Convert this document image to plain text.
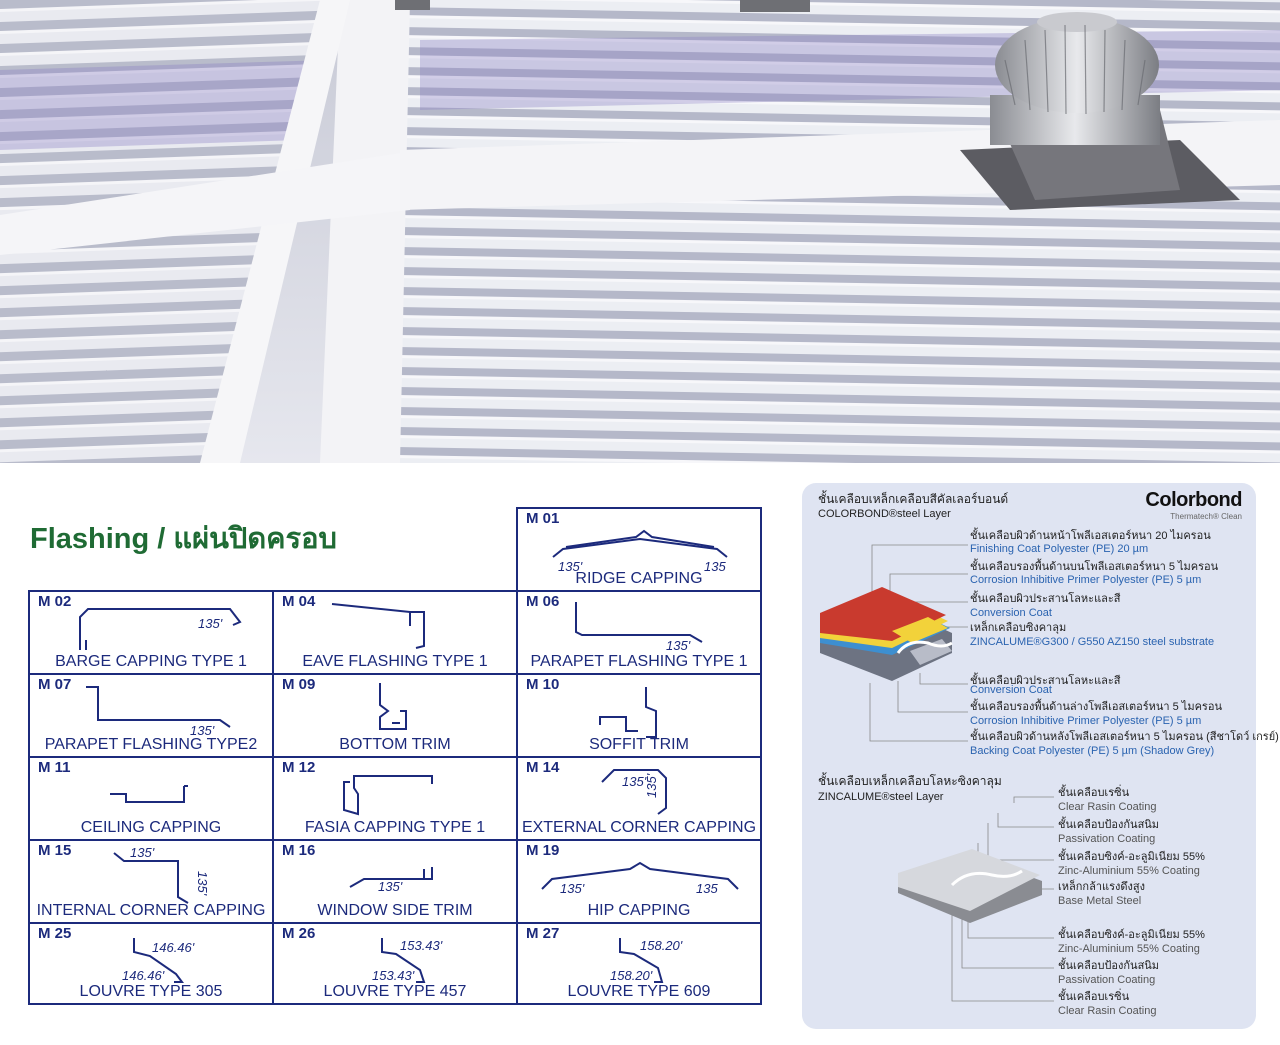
Flashing / แผ่นปิดครอบ
M 01
135'	135
RIDGE CAPPING
M 02
135'
BARGE CAPPING TYPE 1
M 04
EAVE FLASHING TYPE 1
M 06
135'
PARAPET FLASHING TYPE 1
M 07
135'
PARAPET FLASHING TYPE2
M 09
BOTTOM TRIM
M 10
SOFFIT TRIM
M 11
CEILING CAPPING
M 12
FASIA CAPPING TYPE 1
M 14
135'
135'
EXTERNAL CORNER CAPPING
M 15	135'
135'
INTERNAL CORNER CAPPING
M 16
135'
WINDOW SIDE TRIM
M 19
135'	135
HIP CAPPING
M 25
146.46'
146.46'
LOUVRE TYPE 305
M 26
153.43'
153.43'
LOUVRE TYPE 457
M 27
158.20'
158.20'
LOUVRE TYPE 609
Colorbond
Thermatech® Clean
ชั้นเคลือบเหล็กเคลือบสีคัลเลอร์บอนด์
COLORBOND®steel Layer
ชั้นเคลือบผิวด้านหน้าโพลีเอสเตอร์หนา 20 ไมครอน
Finishing Coat Polyester (PE) 20 µm
ชั้นเคลือบรองพื้นด้านบนโพลีเอสเตอร์หนา 5 ไมครอน
Corrosion Inhibitive Primer Polyester (PE) 5 µm
ชั้นเคลือบผิวประสานโลหะและสี
Conversion Coat
เหล็กเคลือบซิงคาลุม
ZINCALUME®G300 / G550 AZ150 steel substrate
ชั้นเคลือบผิวประสานโลหะและสี
Conversion Coat
ชั้นเคลือบรองพื้นด้านล่างโพลีเอสเตอร์หนา 5 ไมครอน
Corrosion Inhibitive Primer Polyester (PE) 5 µm
ชั้นเคลือบผิวด้านหลังโพลีเอสเตอร์หนา 5 ไมครอน (สีชาโดว์ เกรย์)
Backing Coat Polyester (PE) 5 µm (Shadow Grey)
ชั้นเคลือบเหล็กเคลือบโลหะซิงคาลุม
ZINCALUME®steel Layer	ชั้นเคลือบเรซิ่น
Clear Rasin Coating
ชั้นเคลือบป้องกันสนิม
Passivation Coating
ชั้นเคลือบซิงค์-อะลูมิเนียม 55%
Zinc-Aluminium 55% Coating
เหล็กกล้าแรงดึงสูง
Base Metal Steel
ชั้นเคลือบซิงค์-อะลูมิเนียม 55%
Zinc-Aluminium 55% Coating
ชั้นเคลือบป้องกันสนิม
Passivation Coating
ชั้นเคลือบเรซิ่น
Clear Rasin Coating
